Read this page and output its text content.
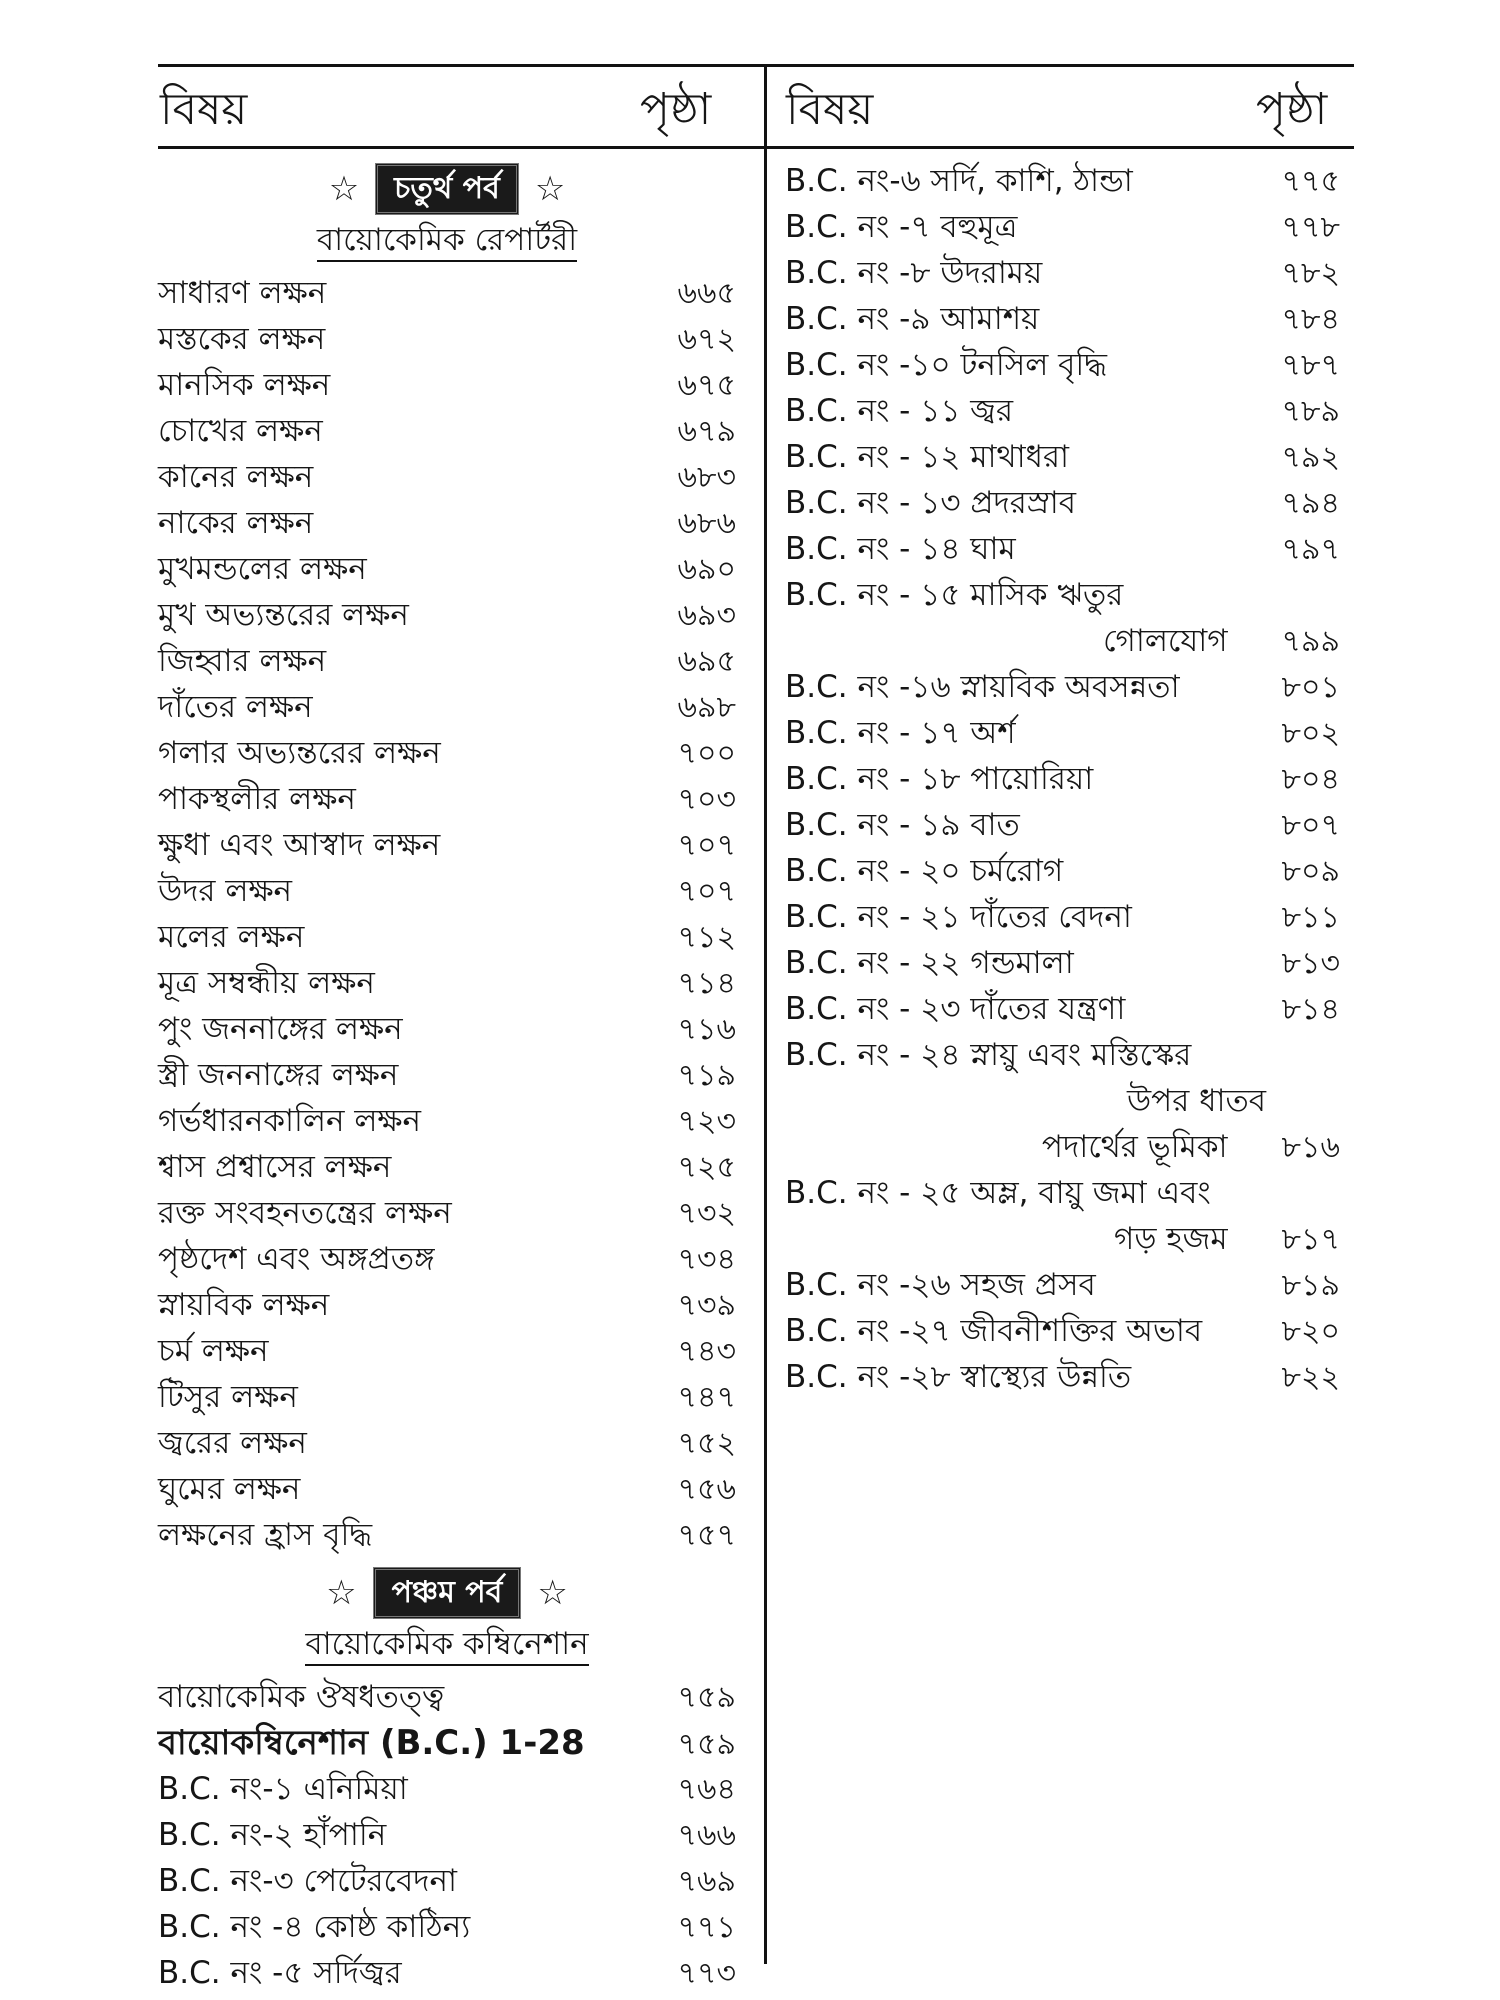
বিষয়	পৃষ্ঠা বিষয়	পৃষ্ঠা
☆	চতুর্থ পর্ব	☆
বায়োকেমিক রেপার্টরী
সাধারণ লক্ষন	৬৬৫
মস্তকের লক্ষন	৬৭২
মানসিক লক্ষন	৬৭৫
চোখের লক্ষন	৬৭৯
কানের লক্ষন	৬৮৩
নাকের লক্ষন	৬৮৬
মুখমন্ডলের লক্ষন	৬৯০
মুখ অভ্যন্তরের লক্ষন	৬৯৩
জিহ্বার লক্ষন	৬৯৫
দাঁতের লক্ষন	৬৯৮
গলার অভ্যন্তরের লক্ষন	৭০০
পাকস্থলীর লক্ষন	৭০৩
ক্ষুধা এবং আস্বাদ লক্ষন	৭০৭
উদর লক্ষন	৭০৭
মলের লক্ষন	৭১২
মূত্র সম্বন্ধীয় লক্ষন	৭১৪
পুং জননাঙ্গের লক্ষন	৭১৬
স্ত্রী জননাঙ্গের লক্ষন	৭১৯
গর্ভধারনকালিন লক্ষন	৭২৩
শ্বাস প্রশ্বাসের লক্ষন	৭২৫
রক্ত সংবহনতন্ত্রের লক্ষন	৭৩২
পৃষ্ঠদেশ এবং অঙ্গপ্রতঙ্গ	৭৩৪
স্নায়বিক লক্ষন	৭৩৯
চর্ম লক্ষন	৭৪৩
টিসুর লক্ষন	৭৪৭
জ্বরের লক্ষন	৭৫২
ঘুমের লক্ষন	৭৫৬
লক্ষনের হ্রাস বৃদ্ধি	৭৫৭
☆	পঞ্চম পর্ব	☆
বায়োকেমিক কম্বিনেশান
বায়োকেমিক ঔষধতত্ত্ব	৭৫৯
বায়োকম্বিনেশান (B.C.) 1-28	৭৫৯
B.C. নং-১ এনিমিয়া	৭৬৪
B.C. নং-২ হাঁপানি	৭৬৬
B.C. নং-৩ পেটেরবেদনা	৭৬৯
B.C. নং -৪ কোষ্ঠ কাঠিন্য	৭৭১
B.C. নং -৫ সর্দিজ্বর	৭৭৩
B.C. নং-৬ সর্দি, কাশি, ঠান্ডা	৭৭৫
B.C. নং -৭ বহুমূত্র	৭৭৮
B.C. নং -৮ উদরাময়	৭৮২
B.C. নং -৯ আমাশয়	৭৮৪
B.C. নং -১০ টনসিল বৃদ্ধি	৭৮৭
B.C. নং - ১১ জ্বর	৭৮৯
B.C. নং - ১২ মাথাধরা	৭৯২
B.C. নং - ১৩ প্রদরস্রাব	৭৯৪
B.C. নং - ১৪ ঘাম	৭৯৭
B.C. নং - ১৫ মাসিক ঋতুর
গোলযোগ ৭৯৯
B.C. নং -১৬ স্নায়বিক অবসন্নতা	৮০১
B.C. নং - ১৭ অর্শ	৮০২
B.C. নং - ১৮ পায়োরিয়া	৮০৪
B.C. নং - ১৯ বাত	৮০৭
B.C. নং - ২০ চর্মরোগ	৮০৯
B.C. নং - ২১ দাঁতের বেদনা	৮১১
B.C. নং - ২২ গন্ডমালা	৮১৩
B.C. নং - ২৩ দাঁতের যন্ত্রণা	৮১৪
B.C. নং - ২৪ স্নায়ু এবং মস্তিস্কের
উপর ধাতব
পদার্থের ভূমিকা ৮১৬
B.C. নং - ২৫ অম্ল, বায়ু জমা এবং
গড় হজম ৮১৭
B.C. নং -২৬ সহজ প্রসব	৮১৯
B.C. নং -২৭ জীবনীশক্তির অভাব	৮২০
B.C. নং -২৮ স্বাস্থ্যের উন্নতি	৮২২
